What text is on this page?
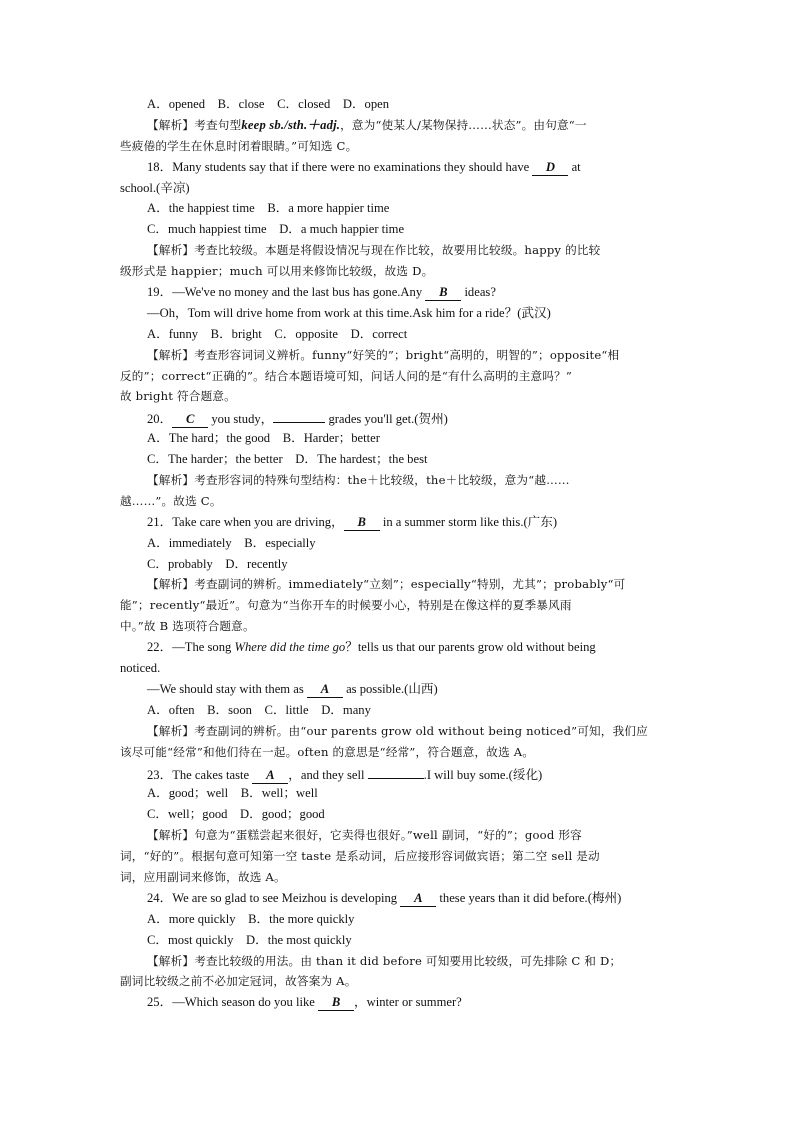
A．opened　B．close　C．closed　D．open
【解析】考查句型keep sb./sth.＋adj.，意为“使某人/某物保持……状态”。由句意“一
些疲倦的学生在休息时闭着眼睛。”可知选 C。
18．Many students say that if there were no examinations they should have D at
school.(辛凉)
A．the happiest time　B．a more happier time
C．much happiest time　D．a much happier time
【解析】考查比较级。本题是将假设情况与现在作比较，故要用比较级。happy 的比较
级形式是 happier；much 可以用来修饰比较级，故选 D。
19．—We've no money and the last bus has gone.Any B ideas?
—Oh，Tom will drive home from work at this time.Ask him for a ride？(武汉)
A．funny　B．bright　C．opposite　D．correct
【解析】考查形容词词义辨析。funny“好笑的”；bright“高明的，明智的”；opposite“相
反的”；correct“正确的”。结合本题语境可知，问话人问的是“有什么高明的主意吗？”
故 bright 符合题意。
20． C you study，	grades you'll get.(贺州)
A．The hard；the good　B．Harder；better
C．The harder；the better　D．The hardest；the best
【解析】考查形容词的特殊句型结构：the＋比较级，the＋比较级，意为“越……
越……”。故选 C。
21．Take care when you are driving， B in a summer storm like this.(广东)
A．immediately　B．especially
C．probably　D．recently
【解析】考查副词的辨析。immediately“立刻”；especially“特别，尤其”；probably“可
能”；recently“最近”。句意为“当你开车的时候要小心，特别是在像这样的夏季暴风雨
中。”故 B 选项符合题意。
22．—The song Where did the time go？tells us that our parents grow old without being
noticed.
—We should stay with them as A as possible.(山西)
A．often　B．soon　C．little　D．many
【解析】考查副词的辨析。由“our parents grow old without being noticed”可知，我们应
该尽可能“经常”和他们待在一起。often 的意思是“经常”，符合题意，故选 A。
23．The cakes taste A ，and they sell	.I will buy some.(绥化)
A．good；well　B．well；well
C．well；good　D．good；good
【解析】句意为“蛋糕尝起来很好，它卖得也很好。”well 副词，“好的”；good 形容
词，“好的”。根据句意可知第一空 taste 是系动词，后应接形容词做宾语；第二空 sell 是动
词，应用副词来修饰，故选 A。
24．We are so glad to see Meizhou is developing A these years than it did before.(梅州)
A．more quickly　B．the more quickly
C．most quickly　D．the most quickly
【解析】考查比较级的用法。由 than it did before 可知要用比较级，可先排除 C 和 D；
副词比较级之前不必加定冠词，故答案为 A。
25．—Which season do you like B ，winter or summer?
